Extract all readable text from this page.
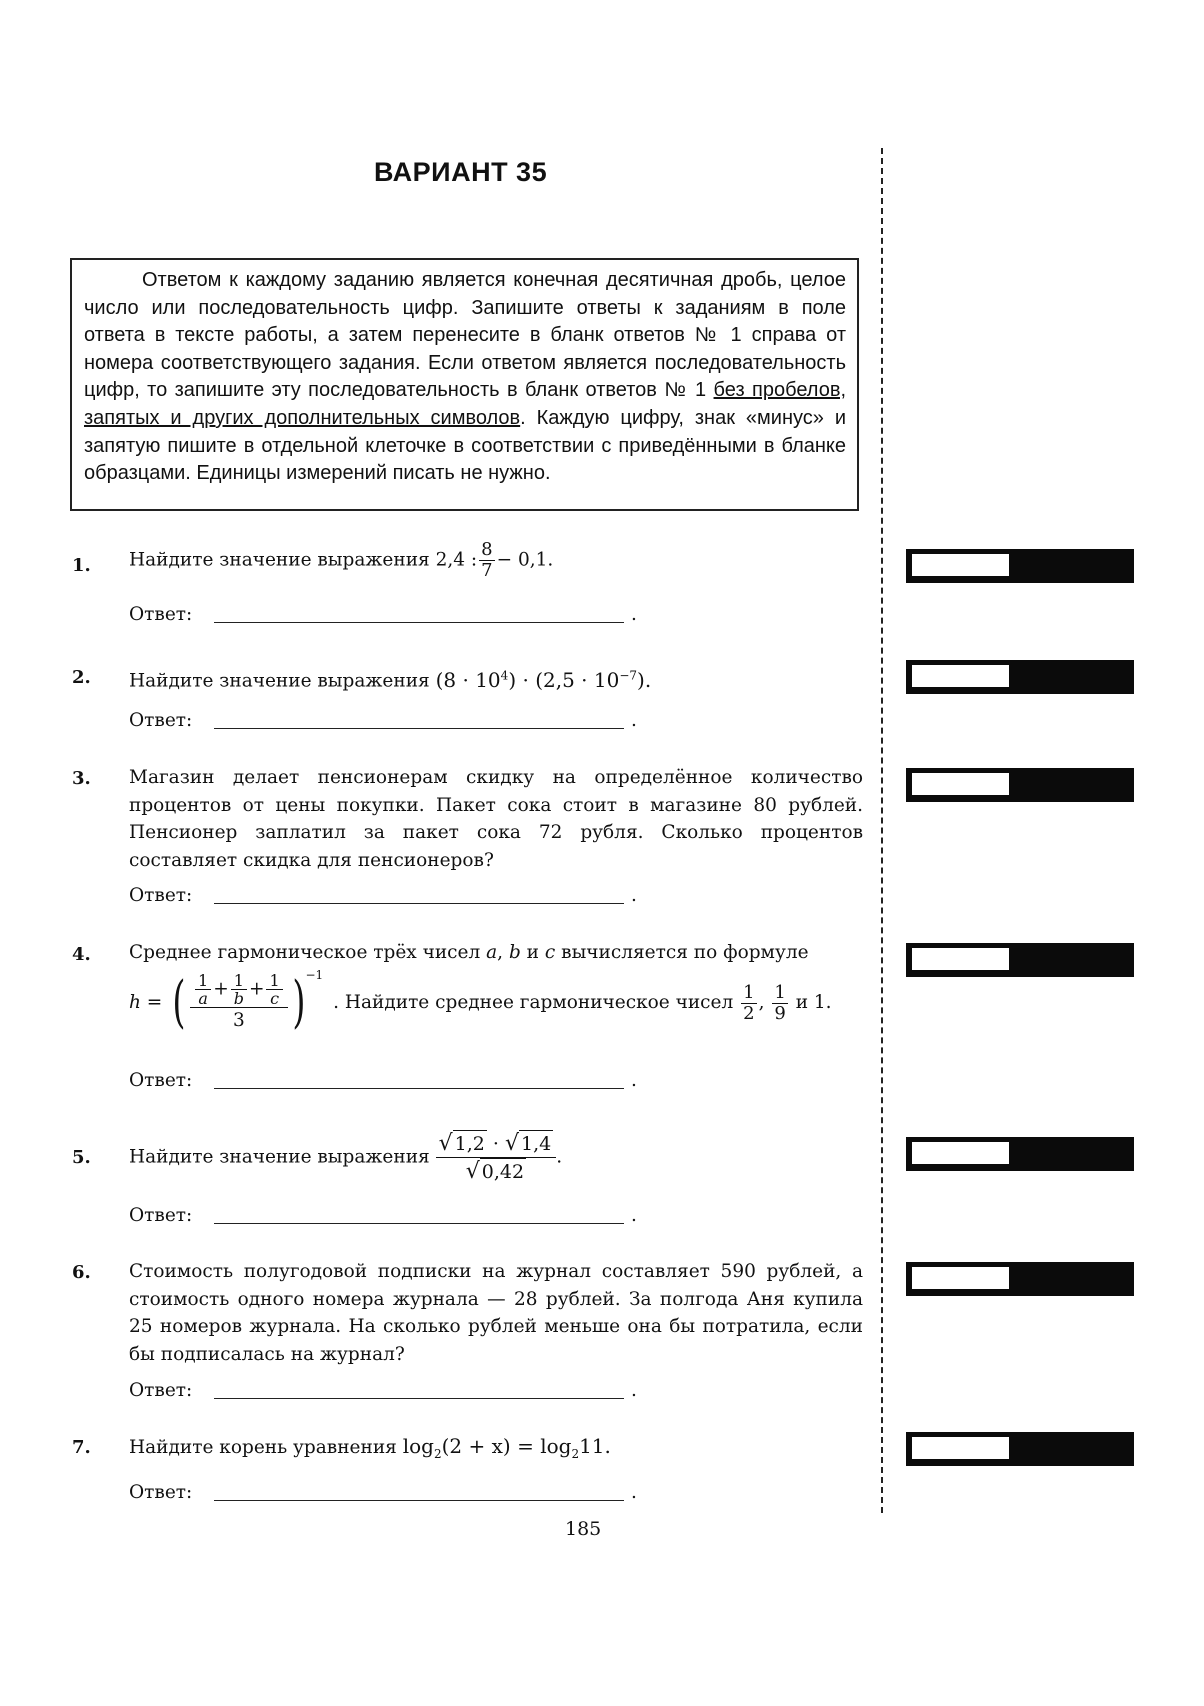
ВАРИАНТ 35

Ответом к каждому заданию является конечная десятичная дробь, целое число или последовательность цифр. Запишите ответы к заданиям в поле ответа в тексте работы, а затем перенесите в бланк ответов № 1 справа от номера соответствующего задания. Если ответом является последовательность цифр, то запишите эту последовательность в бланк ответов № 1 без пробелов, запятых и других дополнительных символов. Каждую цифру, знак «минус» и запятую пишите в отдельной клеточке в соответствии с приведёнными в бланке образцами. Единицы измерений писать не нужно.

1. Найдите значение выражения 2,4 : $\frac{8}{7} - 0,1$.
Ответ:	.
2. Найдите значение выражения $(8 \cdot 10^4) \cdot (2,5 \cdot 10^{-7})$.
Ответ:	.
3. Магазин делает пенсионерам скидку на определённое количество процентов от цены покупки. Пакет сока стоит в магазине 80 рублей. Пенсионер заплатил за пакет сока 72 рубля. Сколько процентов составляет скидка для пенсионеров?
Ответ:	.
4. Среднее гармоническое трёх чисел a, b и c вычисляется по формуле
h = ( $\frac{\frac{1}{a} + \frac{1}{b} + \frac{1}{c}}{3} )^{-1}$ . Найдите среднее гармоническое чисел $\frac{1}{2}$ , $\frac{1}{9}$ и 1.
Ответ:	.
5. Найдите значение выражения $\frac{√ 1,2 \cdot √ 1,4}{√ 0,42}$ .
Ответ:	.
6. Стоимость полугодовой подписки на журнал составляет 590 рублей, а стоимость одного номера журнала — 28 рублей. За полгода Аня купила 25 номеров журнала. На сколько рублей меньше она бы потратила, если бы подписалась на журнал?
Ответ:	.
7. Найдите корень уравнения $\log_2(2 + x) = \log_211$.
Ответ:	.
185
